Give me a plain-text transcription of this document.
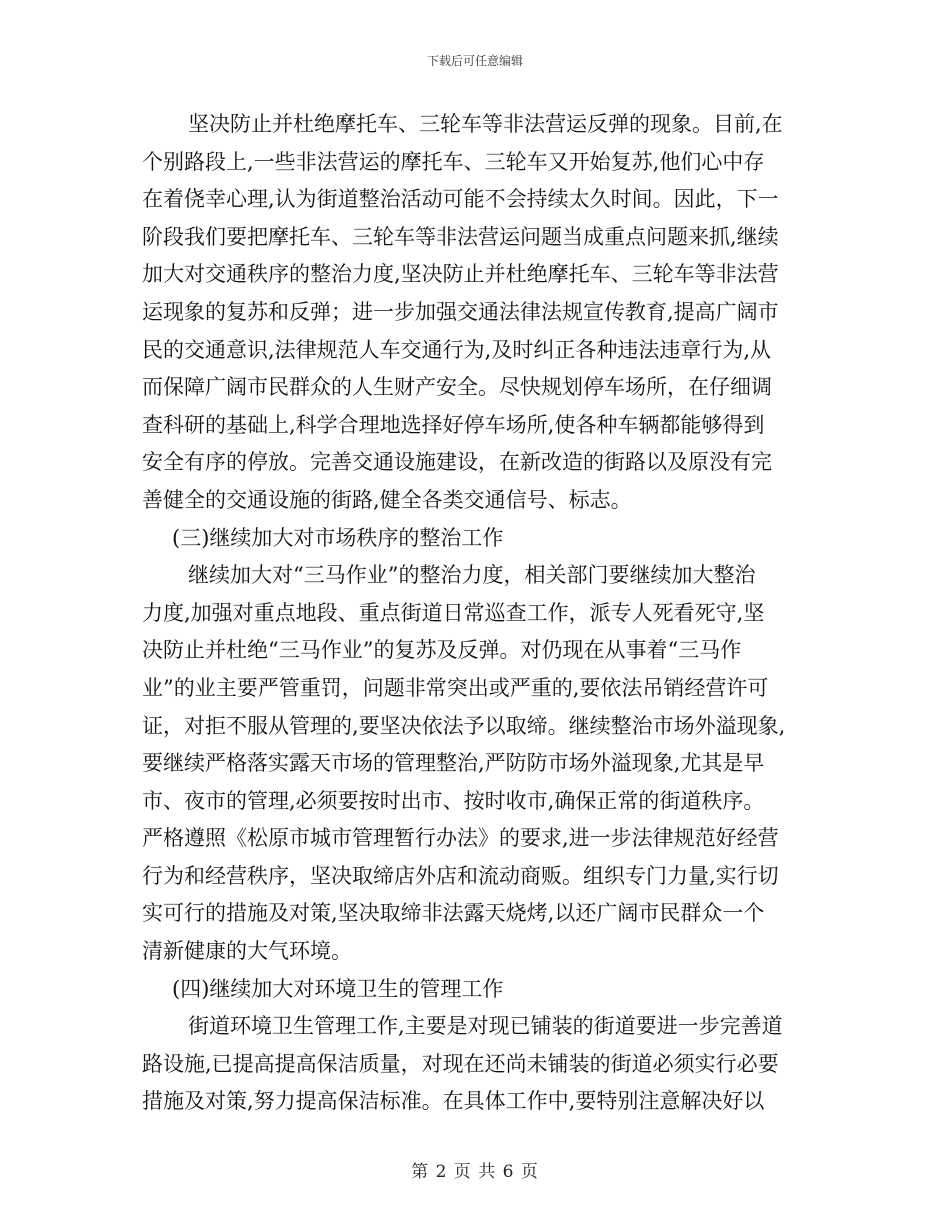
下载后可任意编辑
坚决防止并杜绝摩托车、三轮车等非法营运反弹的现象。目前,在
个别路段上,一些非法营运的摩托车、三轮车又开始复苏,他们心中存
在着侥幸心理,认为街道整治活动可能不会持续太久时间。因此，下一
阶段我们要把摩托车、三轮车等非法营运问题当成重点问题来抓,继续
加大对交通秩序的整治力度,坚决防止并杜绝摩托车、三轮车等非法营
运现象的复苏和反弹；进一步加强交通法律法规宣传教育,提高广阔市
民的交通意识,法律规范人车交通行为,及时纠正各种违法违章行为,从
而保障广阔市民群众的人生财产安全。尽快规划停车场所，在仔细调
查科研的基础上,科学合理地选择好停车场所,使各种车辆都能够得到
安全有序的停放。完善交通设施建设，在新改造的街路以及原没有完
善健全的交通设施的街路,健全各类交通信号、标志。
(三)继续加大对市场秩序的整治工作
继续加大对“三马作业”的整治力度，相关部门要继续加大整治
力度,加强对重点地段、重点街道日常巡查工作，派专人死看死守,坚
决防止并杜绝“三马作业”的复苏及反弹。对仍现在从事着“三马作
业”的业主要严管重罚，问题非常突出或严重的,要依法吊销经营许可
证，对拒不服从管理的,要坚决依法予以取缔。继续整治市场外溢现象,
要继续严格落实露天市场的管理整治,严防防市场外溢现象,尤其是早
市、夜市的管理,必须要按时出市、按时收市,确保正常的街道秩序。
严格遵照《松原市城市管理暂行办法》的要求,进一步法律规范好经营
行为和经营秩序，坚决取缔店外店和流动商贩。组织专门力量,实行切
实可行的措施及对策,坚决取缔非法露天烧烤,以还广阔市民群众一个
清新健康的大气环境。
(四)继续加大对环境卫生的管理工作
街道环境卫生管理工作,主要是对现已铺装的街道要进一步完善道
路设施,已提高提高保洁质量，对现在还尚未铺装的街道必须实行必要
措施及对策,努力提高保洁标准。在具体工作中,要特别注意解决好以
第 2 页 共 6 页
